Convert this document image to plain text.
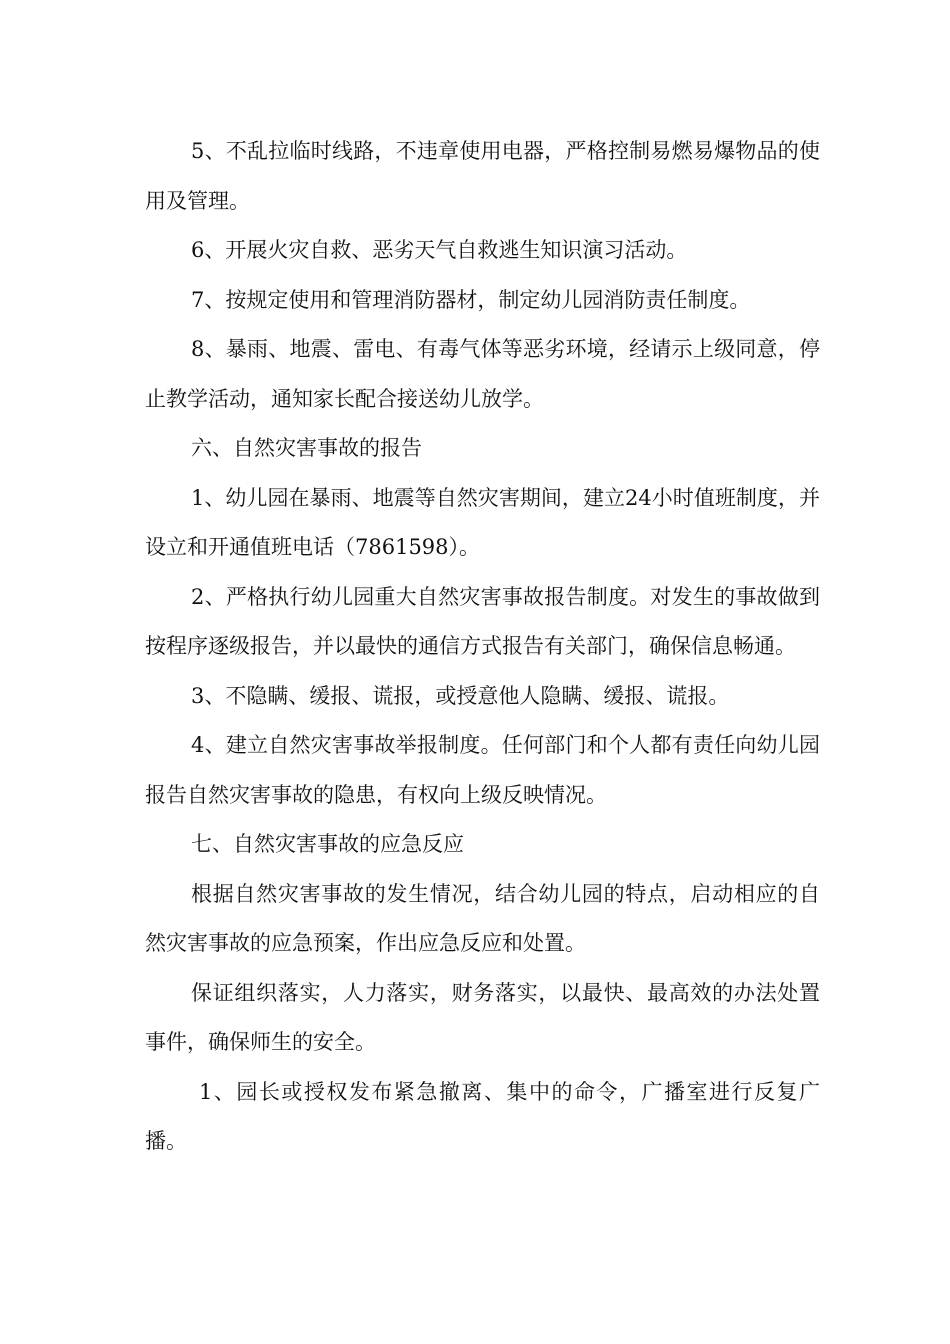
5、不乱拉临时线路，不违章使用电器，严格控制易燃易爆物品的使用及管理。

6、开展火灾自救、恶劣天气自救逃生知识演习活动。

7、按规定使用和管理消防器材，制定幼儿园消防责任制度。

8、暴雨、地震、雷电、有毒气体等恶劣环境，经请示上级同意，停止教学活动，通知家长配合接送幼儿放学。

六、自然灾害事故的报告

1、幼儿园在暴雨、地震等自然灾害期间，建立24小时值班制度，并设立和开通值班电话（7861598）。

2、严格执行幼儿园重大自然灾害事故报告制度。对发生的事故做到按程序逐级报告，并以最快的通信方式报告有关部门，确保信息畅通。

3、不隐瞒、缓报、谎报，或授意他人隐瞒、缓报、谎报。

4、建立自然灾害事故举报制度。任何部门和个人都有责任向幼儿园报告自然灾害事故的隐患，有权向上级反映情况。

七、自然灾害事故的应急反应

根据自然灾害事故的发生情况，结合幼儿园的特点，启动相应的自然灾害事故的应急预案，作出应急反应和处置。

保证组织落实，人力落实，财务落实，以最快、最高效的办法处置事件，确保师生的安全。

1、园长或授权发布紧急撤离、集中的命令，广播室进行反复广播。
